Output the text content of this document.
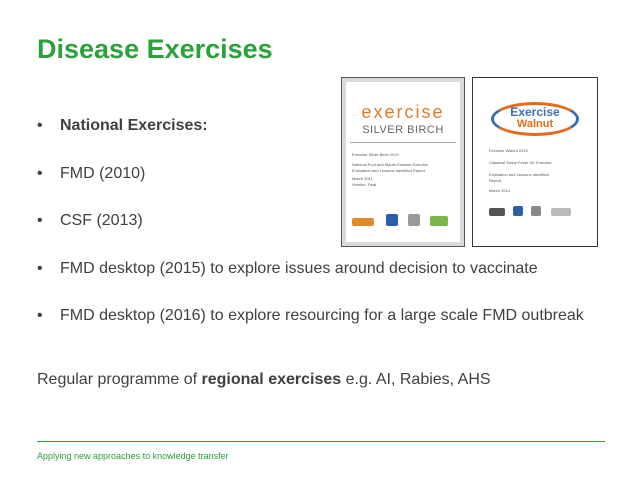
Disease Exercises
exercise
SILVER BIRCH
Exercise Silver Birch 2010
National Foot and Mouth Disease Exercise
Evaluation and Lessons Identified Report
March 2011
Version: Final
Exercise
Walnut
Exercise Walnut 2013
Classical Swine Fever UK Exercise
Evaluation and Lessons Identified
Report
March 2014
• National Exercises:
• FMD (2010)
• CSF (2013)
• FMD desktop (2015) to explore issues around decision to vaccinate
• FMD desktop (2016) to explore resourcing for a large scale FMD outbreak
Regular programme of regional exercises e.g. AI, Rabies, AHS
Applying new approaches to knowledge transfer
